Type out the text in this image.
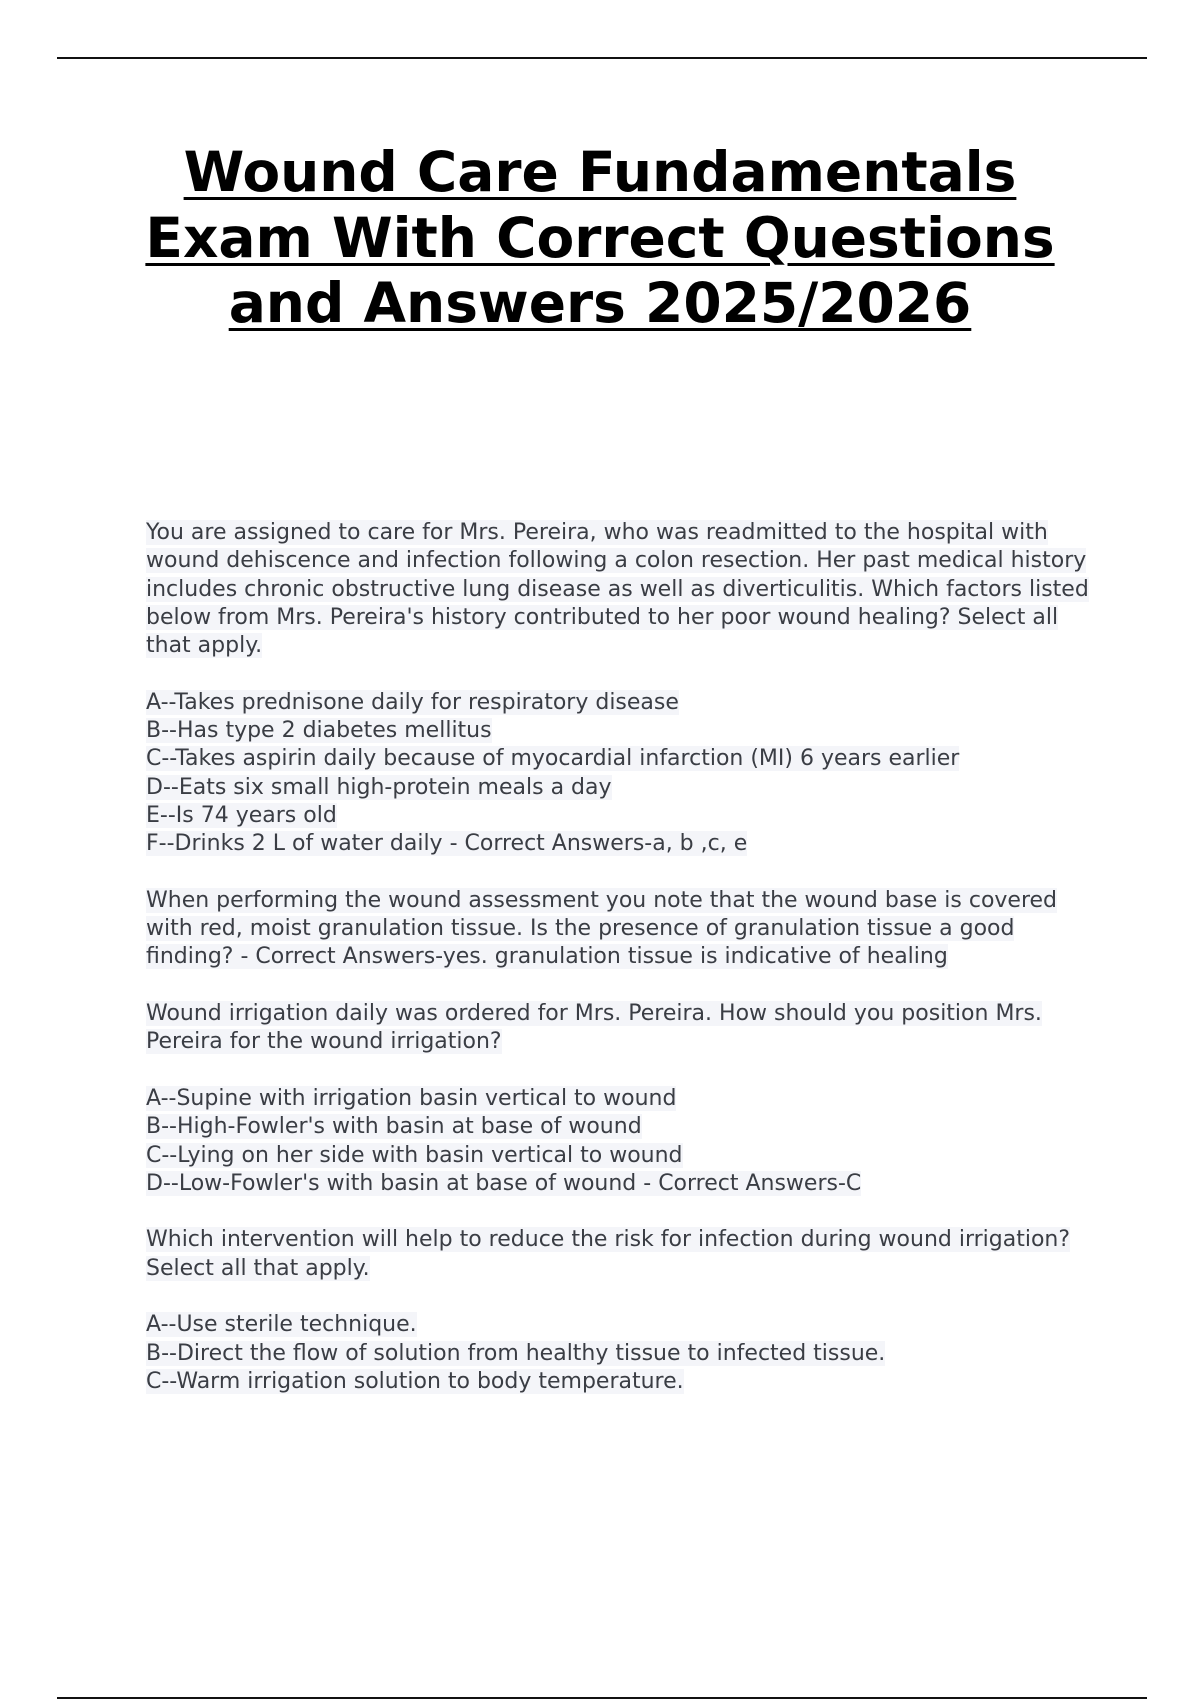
Wound Care Fundamentals Exam With Correct Questions and Answers 2025/2026

You are assigned to care for Mrs. Pereira, who was readmitted to the hospital with wound dehiscence and infection following a colon resection. Her past medical history includes chronic obstructive lung disease as well as diverticulitis. Which factors listed below from Mrs. Pereira's history contributed to her poor wound healing? Select all that apply.

A--Takes prednisone daily for respiratory disease
B--Has type 2 diabetes mellitus
C--Takes aspirin daily because of myocardial infarction (MI) 6 years earlier
D--Eats six small high-protein meals a day
E--Is 74 years old
F--Drinks 2 L of water daily - Correct Answers-a, b ,c, e

When performing the wound assessment you note that the wound base is covered with red, moist granulation tissue. Is the presence of granulation tissue a good finding? - Correct Answers-yes. granulation tissue is indicative of healing

Wound irrigation daily was ordered for Mrs. Pereira. How should you position Mrs. Pereira for the wound irrigation?

A--Supine with irrigation basin vertical to wound
B--High-Fowler's with basin at base of wound
C--Lying on her side with basin vertical to wound
D--Low-Fowler's with basin at base of wound - Correct Answers-C

Which intervention will help to reduce the risk for infection during wound irrigation? Select all that apply.

A--Use sterile technique.
B--Direct the flow of solution from healthy tissue to infected tissue.
C--Warm irrigation solution to body temperature.
